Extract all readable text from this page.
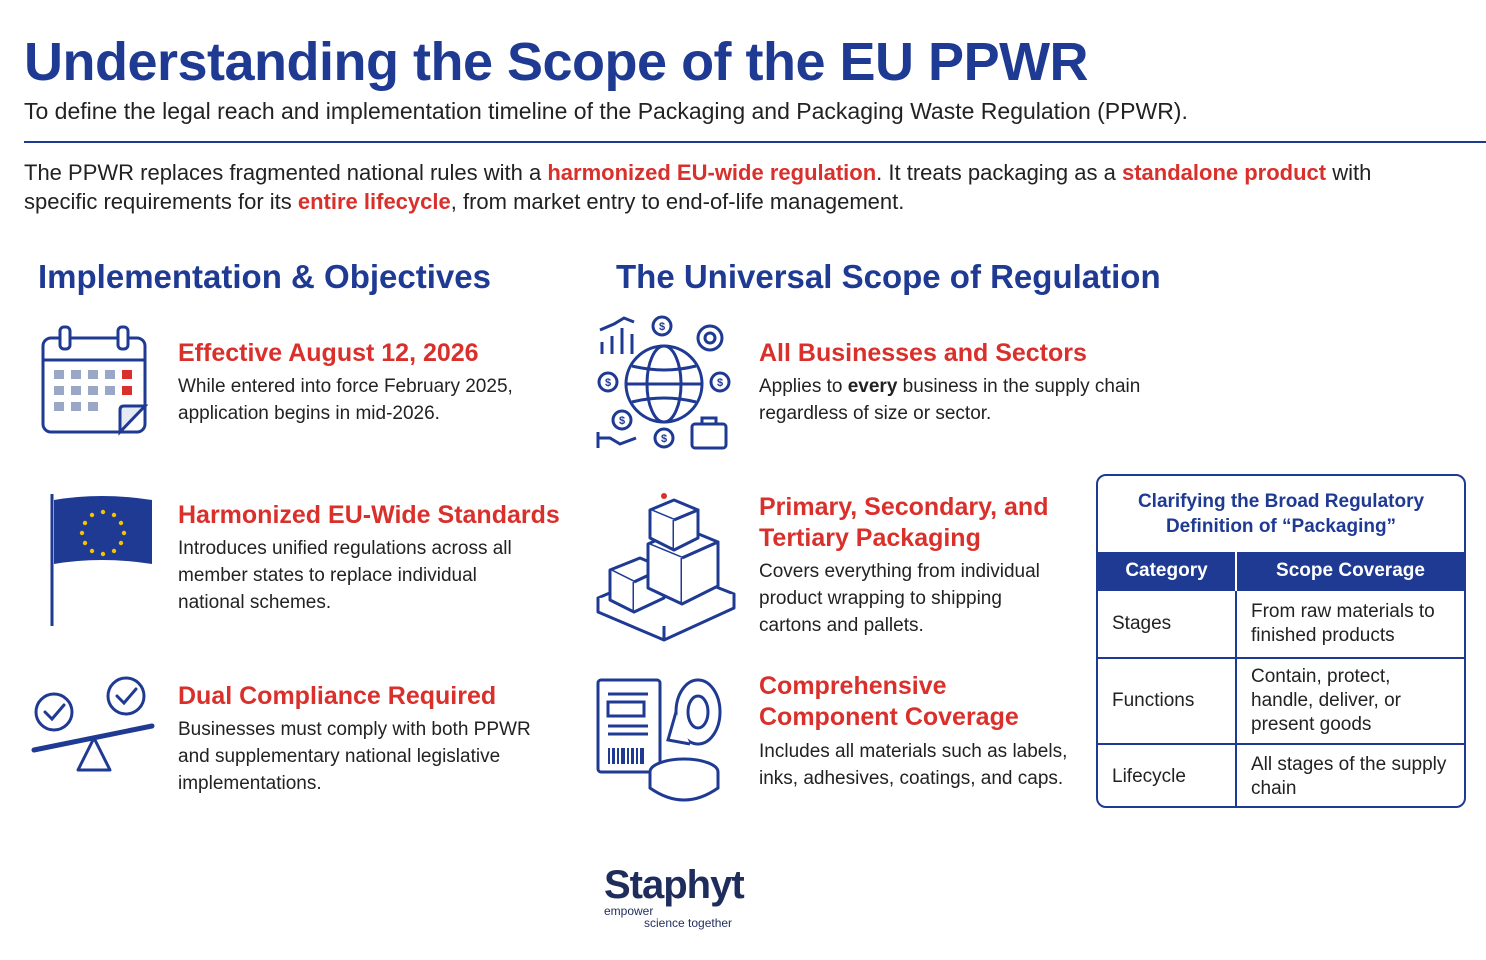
Understanding the Scope of the EU PPWR
To define the legal reach and implementation timeline of the Packaging and Packaging Waste Regulation (PPWR).
The PPWR replaces fragmented national rules with a harmonized EU-wide regulation. It treats packaging as a standalone product with specific requirements for its entire lifecycle, from market entry to end-of-life management.
Implementation & Objectives
Effective August 12, 2026
While entered into force February 2025, application begins in mid-2026.
Harmonized EU-Wide Standards
Introduces unified regulations across all member states to replace individual national schemes.
Dual Compliance Required
Businesses must comply with both PPWR and supplementary national legislative implementations.
The Universal Scope of Regulation
$
$	$
$
$
All Businesses and Sectors
Applies to every business in the supply chain regardless of size or sector.
Primary, Secondary, and
Tertiary Packaging
Covers everything from individual product wrapping to shipping cartons and pallets.
Comprehensive
Component Coverage
Includes all materials such as labels, inks, adhesives, coatings, and caps.
Clarifying the Broad Regulatory Definition of “Packaging”
Category	Scope Coverage
Stages	From raw materials to finished products
Functions	Contain, protect, handle, deliver, or present goods
Lifecycle	All stages of the supply chain
Staphyt
empower
science together
